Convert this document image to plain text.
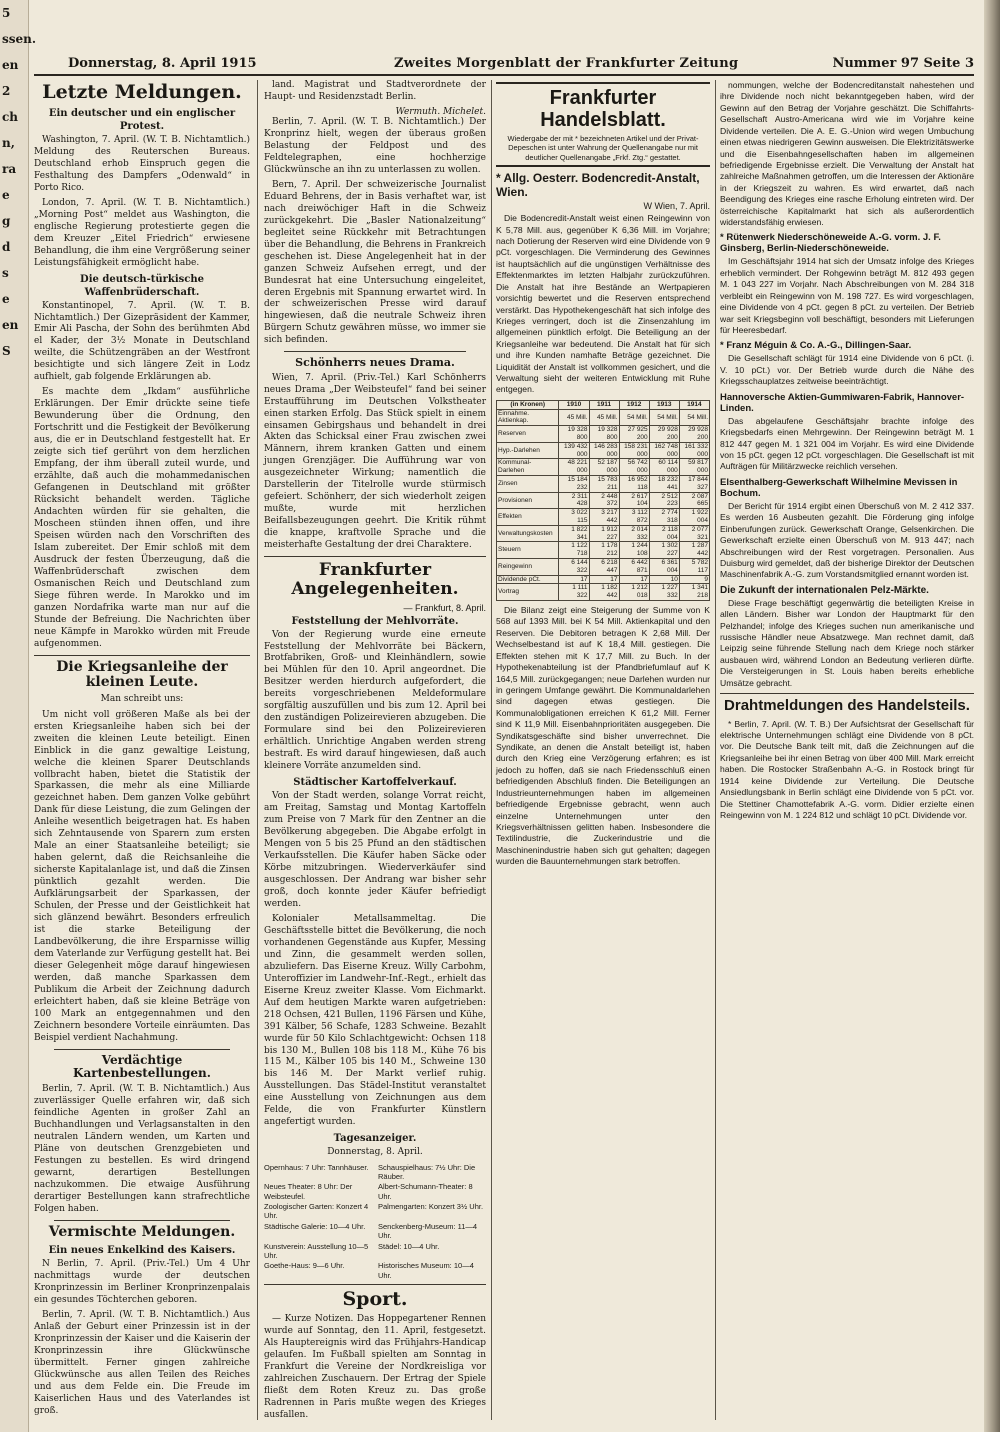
5
ssen.
en
2
ch
n,
ra
e
g
d
s
e
en
S
Donnerstag, 8. April 1915	Zweites Morgenblatt der Frankfurter Zeitung	Nummer 97 Seite 3
Letzte Meldungen.
Ein deutscher und ein englischer Protest.

Washington, 7. April. (W. T. B. Nichtamtlich.) Meldung des Reuterschen Bureaus. Deutschland erhob Einspruch gegen die Festhaltung des Dampfers „Odenwald“ in Porto Rico.

London, 7. April. (W. T. B. Nichtamtlich.) „Morning Post“ meldet aus Washington, die englische Regierung protestierte gegen die dem Kreuzer „Eitel Friedrich“ erwiesene Behandlung, die ihm eine Vergrößerung seiner Leistungsfähigkeit ermöglicht habe.

Die deutsch-türkische Waffenbrüderschaft.

Konstantinopel, 7. April. (W. T. B. Nichtamtlich.) Der Gizepräsident der Kammer, Emir Ali Pascha, der Sohn des berühmten Abd el Kader, der 3½ Monate in Deutschland weilte, die Schützengräben an der Westfront besichtigte und sich längere Zeit in Lodz aufhielt, gab folgende Erklärungen ab.

Es machte dem „Ikdam“ ausführliche Erklärungen. Der Emir drückte seine tiefe Bewunderung über die Ordnung, den Fortschritt und die Festigkeit der Bevölkerung aus, die er in Deutschland festgestellt hat. Er zeigte sich tief gerührt von dem herzlichen Empfang, der ihm überall zuteil wurde, und erzählte, daß auch die mohammedanischen Gefangenen in Deutschland mit größter Rücksicht behandelt werden. Tägliche Andachten würden für sie gehalten, die Moscheen stünden ihnen offen, und ihre Speisen würden nach den Vorschriften des Islam zubereitet. Der Emir schloß mit dem Ausdruck der festen Überzeugung, daß die Waffenbrüderschaft zwischen dem Osmanischen Reich und Deutschland zum Siege führen werde. In Marokko und im ganzen Nordafrika warte man nur auf die Stunde der Befreiung. Die Nachrichten über neue Kämpfe in Marokko würden mit Freude aufgenommen.

Die Kriegsanleihe der kleinen Leute.
Man schreibt uns:

Um nicht voll größeren Maße als bei der ersten Kriegsanleihe haben sich bei der zweiten die kleinen Leute beteiligt. Einen Einblick in die ganz gewaltige Leistung, welche die kleinen Sparer Deutschlands vollbracht haben, bietet die Statistik der Sparkassen, die mehr als eine Milliarde gezeichnet haben. Dem ganzen Volke gebührt Dank für diese Leistung, die zum Gelingen der Anleihe wesentlich beigetragen hat. Es haben sich Zehntausende von Sparern zum ersten Male an einer Staatsanleihe beteiligt; sie haben gelernt, daß die Reichsanleihe die sicherste Kapitalanlage ist, und daß die Zinsen pünktlich gezahlt werden. Die Aufklärungsarbeit der Sparkassen, der Schulen, der Presse und der Geistlichkeit hat sich glänzend bewährt. Besonders erfreulich ist die starke Beteiligung der Landbevölkerung, die ihre Ersparnisse willig dem Vaterlande zur Verfügung gestellt hat. Bei dieser Gelegenheit möge darauf hingewiesen werden, daß manche Sparkassen dem Publikum die Arbeit der Zeichnung dadurch erleichtert haben, daß sie kleine Beträge von 100 Mark an entgegennahmen und den Zeichnern besondere Vorteile einräumten. Das Beispiel verdient Nachahmung.

Verdächtige Kartenbestellungen.

Berlin, 7. April. (W. T. B. Nichtamtlich.) Aus zuverlässiger Quelle erfahren wir, daß sich feindliche Agenten in großer Zahl an Buchhandlungen und Verlagsanstalten in den neutralen Ländern wenden, um Karten und Pläne von deutschen Grenzgebieten und Festungen zu bestellen. Es wird dringend gewarnt, derartigen Bestellungen nachzukommen. Die etwaige Ausführung derartiger Bestellungen kann strafrechtliche Folgen haben.

Vermischte Meldungen.
Ein neues Enkelkind des Kaisers.

N Berlin, 7. April. (Priv.-Tel.) Um 4 Uhr nachmittags wurde der deutschen Kronprinzessin im Berliner Kronprinzenpalais ein gesundes Töchterchen geboren.

Berlin, 7. April. (W. T. B. Nichtamtlich.) Aus Anlaß der Geburt einer Prinzessin ist in der Kronprinzessin der Kaiser und die Kaiserin der Kronprinzessin ihre Glückwünsche übermittelt. Ferner gingen zahlreiche Glückwünsche aus allen Teilen des Reiches und aus dem Felde ein. Die Freude im Kaiserlichen Haus und des Vaterlandes ist groß.

land. Magistrat und Stadtverordnete der Haupt- und Residenzstadt Berlin.

Wermuth. Michelet.

Berlin, 7. April. (W. T. B. Nichtamtlich.) Der Kronprinz hielt, wegen der überaus großen Belastung der Feldpost und des Feldtelegraphen, eine hochherzige Glückwünsche an ihn zu unterlassen zu wollen.

Bern, 7. April. Der schweizerische Journalist Eduard Behrens, der in Basis verhaftet war, ist nach dreiwöchiger Haft in die Schweiz zurückgekehrt. Die „Basler Nationalzeitung“ begleitet seine Rückkehr mit Betrachtungen über die Behandlung, die Behrens in Frankreich geschehen ist. Diese Angelegenheit hat in der ganzen Schweiz Aufsehen erregt, und der Bundesrat hat eine Untersuchung eingeleitet, deren Ergebnis mit Spannung erwartet wird. In der schweizerischen Presse wird darauf hingewiesen, daß die neutrale Schweiz ihren Bürgern Schutz gewähren müsse, wo immer sie sich befinden.

Schönherrs neues Drama.

Wien, 7. April. (Priv.-Tel.) Karl Schönherrs neues Drama „Der Weibsteufel“ fand bei seiner Erstaufführung im Deutschen Volkstheater einen starken Erfolg. Das Stück spielt in einem einsamen Gebirgshaus und behandelt in drei Akten das Schicksal einer Frau zwischen zwei Männern, ihrem kranken Gatten und einem jungen Grenzjäger. Die Aufführung war von ausgezeichneter Wirkung; namentlich die Darstellerin der Titelrolle wurde stürmisch gefeiert. Schönherr, der sich wiederholt zeigen mußte, wurde mit herzlichen Beifallsbezeugungen geehrt. Die Kritik rühmt die knappe, kraftvolle Sprache und die meisterhafte Gestaltung der drei Charaktere.

Frankfurter Angelegenheiten.
— Frankfurt, 8. April.
Feststellung der Mehlvorräte.

Von der Regierung wurde eine erneute Feststellung der Mehlvorräte bei Bäckern, Brotfabriken, Groß- und Kleinhändlern, sowie bei Mühlen für den 10. April angeordnet. Die Besitzer werden hierdurch aufgefordert, die bereits vorgeschriebenen Meldeformulare sorgfältig auszufüllen und bis zum 12. April bei den zuständigen Polizeirevieren abzugeben. Die Formulare sind bei den Polizeirevieren erhältlich. Unrichtige Angaben werden streng bestraft. Es wird darauf hingewiesen, daß auch kleinere Vorräte anzumelden sind.

Städtischer Kartoffelverkauf.

Von der Stadt werden, solange Vorrat reicht, am Freitag, Samstag und Montag Kartoffeln zum Preise von 7 Mark für den Zentner an die Bevölkerung abgegeben. Die Abgabe erfolgt in Mengen von 5 bis 25 Pfund an den städtischen Verkaufsstellen. Die Käufer haben Säcke oder Körbe mitzubringen. Wiederverkäufer sind ausgeschlossen. Der Andrang war bisher sehr groß, doch konnte jeder Käufer befriedigt werden.

Kolonialer Metallsammeltag. Die Geschäftsstelle bittet die Bevölkerung, die noch vorhandenen Gegenstände aus Kupfer, Messing und Zinn, die gesammelt werden sollen, abzuliefern. Das Eiserne Kreuz. Willy Carbohm, Unteroffizier im Landwehr-Inf.-Regt., erhielt das Eiserne Kreuz zweiter Klasse. Vom Eichmarkt. Auf dem heutigen Markte waren aufgetrieben: 218 Ochsen, 421 Bullen, 1196 Färsen und Kühe, 391 Kälber, 56 Schafe, 1283 Schweine. Bezahlt wurde für 50 Kilo Schlachtgewicht: Ochsen 118 bis 130 M., Bullen 108 bis 118 M., Kühe 76 bis 115 M., Kälber 105 bis 140 M., Schweine 130 bis 146 M. Der Markt verlief ruhig. Ausstellungen. Das Städel-Institut veranstaltet eine Ausstellung von Zeichnungen aus dem Felde, die von Frankfurter Künstlern angefertigt wurden.

Tagesanzeiger.
Donnerstag, 8. April.
Opernhaus: 7 Uhr: Tannhäuser.	Schauspielhaus: 7½ Uhr: Die Räuber.
Neues Theater: 8 Uhr: Der Weibsteufel.
Albert-Schumann-Theater: 8 Uhr.
Zoologischer Garten: Konzert 4 Uhr.
Palmengarten: Konzert 3½ Uhr.
Städtische Galerie: 10—4 Uhr.	Senckenberg-Museum: 11—4 Uhr.
Kunstverein: Ausstellung 10—5 Uhr.
Städel: 10—4 Uhr.
Goethe-Haus: 9—6 Uhr.	Historisches Museum: 10—4 Uhr.
Sport.

— Kurze Notizen. Das Hoppegartener Rennen wurde auf Sonntag, den 11. April, festgesetzt. Als Hauptereignis wird das Frühjahrs-Handicap gelaufen. Im Fußball spielten am Sonntag in Frankfurt die Vereine der Nordkreisliga vor zahlreichen Zuschauern. Der Ertrag der Spiele fließt dem Roten Kreuz zu. Das große Radrennen in Paris mußte wegen des Krieges ausfallen.

Frankfurter Handelsblatt.
Wiedergabe der mit * bezeichneten Artikel und der Privat-Depeschen ist unter Wahrung der Quellenangabe nur mit deutlicher Quellenangabe „Frkf. Ztg.“ gestattet.
* Allg. Oesterr. Bodencredit-Anstalt, Wien.
W Wien, 7. April.

Die Bodencredit-Anstalt weist einen Reingewinn von K 5,78 Mill. aus, gegenüber K 6,36 Mill. im Vorjahre; nach Dotierung der Reserven wird eine Dividende von 9 pCt. vorgeschlagen. Die Verminderung des Gewinnes ist hauptsächlich auf die ungünstigen Verhältnisse des Effektenmarktes im letzten Halbjahr zurückzuführen. Die Anstalt hat ihre Bestände an Wertpapieren vorsichtig bewertet und die Reserven entsprechend verstärkt. Das Hypothekengeschäft hat sich infolge des Krieges verringert, doch ist die Zinsenzahlung im allgemeinen pünktlich erfolgt. Die Beteiligung an der Kriegsanleihe war bedeutend. Die Anstalt hat für sich und ihre Kunden namhafte Beträge gezeichnet. Die Liquidität der Anstalt ist vollkommen gesichert, und die Verwaltung sieht der weiteren Entwicklung mit Ruhe entgegen.

(in Kronen)	1910	1911	1912	1913	1914
Einnahme. Aktienkap.	45 Mill.	45 Mill.	54 Mill.	54 Mill.	54 Mill.
Reserven	19 328 800	19 328 800	27 925 200	29 928 200	29 928 200
Hyp.-Darlehen	139 432 000	146 283 000	158 231 000	162 748 000	161 332 000
Kommunal-Darlehen	48 221 000	52 187 000	56 742 000	60 114 000	59 817 000
Zinsen	15 184 232	15 783 211	16 952 118	18 232 441	17 844 327
Provisionen	2 311 428	2 448 372	2 617 104	2 512 223	2 087 665
Effekten	3 022 115	3 217 442	3 112 872	2 774 318	1 922 004
Verwaltungskosten	1 822 341	1 912 227	2 014 332	2 118 004	2 077 321
Steuern	1 122 718	1 178 212	1 244 108	1 302 227	1 287 442
Reingewinn	6 144 322	6 218 447	6 442 871	6 361 004	5 782 117
Dividende pCt.	17	17	17	10	9
Vortrag	1 111 322	1 182 442	1 212 018	1 227 332	1 341 218

Die Bilanz zeigt eine Steigerung der Summe von K 568 auf 1393 Mill. bei K 54 Mill. Aktienkapital und den Reserven. Die Debitoren betragen K 2,68 Mill. Der Wechselbestand ist auf K 18,4 Mill. gestiegen. Die Effekten stehen mit K 17,7 Mill. zu Buch. In der Hypothekenabteilung ist der Pfandbriefumlauf auf K 164,5 Mill. zurückgegangen; neue Darlehen wurden nur in geringem Umfange gewährt. Die Kommunaldarlehen sind dagegen etwas gestiegen. Die Kommunalobligationen erreichen K 61,2 Mill. Ferner sind K 11,9 Mill. Eisenbahnprioritäten ausgegeben. Die Syndikatsgeschäfte sind bisher unverrechnet. Die Syndikate, an denen die Anstalt beteiligt ist, haben durch den Krieg eine Verzögerung erfahren; es ist jedoch zu hoffen, daß sie nach Friedensschluß einen befriedigenden Abschluß finden. Die Beteiligungen an Industrieunternehmungen haben im allgemeinen befriedigende Ergebnisse gebracht, wenn auch einzelne Unternehmungen unter den Kriegsverhältnissen gelitten haben. Insbesondere die Textilindustrie, die Zuckerindustrie und die Maschinenindustrie haben sich gut gehalten; dagegen wurden die Bauunternehmungen stark betroffen.

nommungen, welche der Bodencreditanstalt nahestehen und ihre Dividende noch nicht bekanntgegeben haben, wird der Gewinn auf den Betrag der Vorjahre geschätzt. Die Schiffahrts-Gesellschaft Austro-Americana wird wie im Vorjahre keine Dividende verteilen. Die A. E. G.-Union wird wegen Umbuchung einen etwas niedrigeren Gewinn ausweisen. Die Elektrizitätswerke und die Eisenbahngesellschaften haben im allgemeinen befriedigende Ergebnisse erzielt. Die Verwaltung der Anstalt hat zahlreiche Maßnahmen getroffen, um die Interessen der Aktionäre in der Kriegszeit zu wahren. Es wird erwartet, daß nach Beendigung des Krieges eine rasche Erholung eintreten wird. Der österreichische Kapitalmarkt hat sich als außerordentlich widerstandsfähig erwiesen.

* Rütenwerk Niederschöneweide A.-G. vorm. J. F. Ginsberg, Berlin-Niederschöneweide.

Im Geschäftsjahr 1914 hat sich der Umsatz infolge des Krieges erheblich vermindert. Der Rohgewinn beträgt M. 812 493 gegen M. 1 043 227 im Vorjahr. Nach Abschreibungen von M. 284 318 verbleibt ein Reingewinn von M. 198 727. Es wird vorgeschlagen, eine Dividende von 4 pCt. gegen 8 pCt. zu verteilen. Der Betrieb war seit Kriegsbeginn voll beschäftigt, besonders mit Lieferungen für Heeresbedarf.

* Franz Méguin & Co. A.-G., Dillingen-Saar.

Die Gesellschaft schlägt für 1914 eine Dividende von 6 pCt. (i. V. 10 pCt.) vor. Der Betrieb wurde durch die Nähe des Kriegsschauplatzes zeitweise beeinträchtigt.

Hannoversche Aktien-Gummiwaren-Fabrik, Hannover-Linden.

Das abgelaufene Geschäftsjahr brachte infolge des Kriegsbedarfs einen Mehrgewinn. Der Reingewinn beträgt M. 1 812 447 gegen M. 1 321 004 im Vorjahr. Es wird eine Dividende von 15 pCt. gegen 12 pCt. vorgeschlagen. Die Gesellschaft ist mit Aufträgen für Militärzwecke reichlich versehen.

Elsenthalberg-Gewerkschaft Wilhelmine Mevissen in Bochum.

Der Bericht für 1914 ergibt einen Überschuß von M. 2 412 337. Es werden 16 Ausbeuten gezahlt. Die Förderung ging infolge Einberufungen zurück. Gewerkschaft Orange, Gelsenkirchen. Die Gewerkschaft erzielte einen Überschuß von M. 913 447; nach Abschreibungen wird der Rest vorgetragen. Personalien. Aus Duisburg wird gemeldet, daß der bisherige Direktor der Deutschen Maschinenfabrik A.-G. zum Vorstandsmitglied ernannt worden ist.

Die Zukunft der internationalen Pelz-Märkte.

Diese Frage beschäftigt gegenwärtig die beteiligten Kreise in allen Ländern. Bisher war London der Hauptmarkt für den Pelzhandel; infolge des Krieges suchen nun amerikanische und russische Händler neue Absatzwege. Man rechnet damit, daß Leipzig seine führende Stellung nach dem Kriege noch stärker ausbauen wird, während London an Bedeutung verlieren dürfte. Die Versteigerungen in St. Louis haben bereits erhebliche Umsätze gebracht.

Drahtmeldungen des Handelsteils.

* Berlin, 7. April. (W. T. B.) Der Aufsichtsrat der Gesellschaft für elektrische Unternehmungen schlägt eine Dividende von 8 pCt. vor. Die Deutsche Bank teilt mit, daß die Zeichnungen auf die Kriegsanleihe bei ihr einen Betrag von über 400 Mill. Mark erreicht haben. Die Rostocker Straßenbahn A.-G. in Rostock bringt für 1914 keine Dividende zur Verteilung. Die Deutsche Ansiedlungsbank in Berlin schlägt eine Dividende von 5 pCt. vor. Die Stettiner Chamottefabrik A.-G. vorm. Didier erzielte einen Reingewinn von M. 1 224 812 und schlägt 10 pCt. Dividende vor.
